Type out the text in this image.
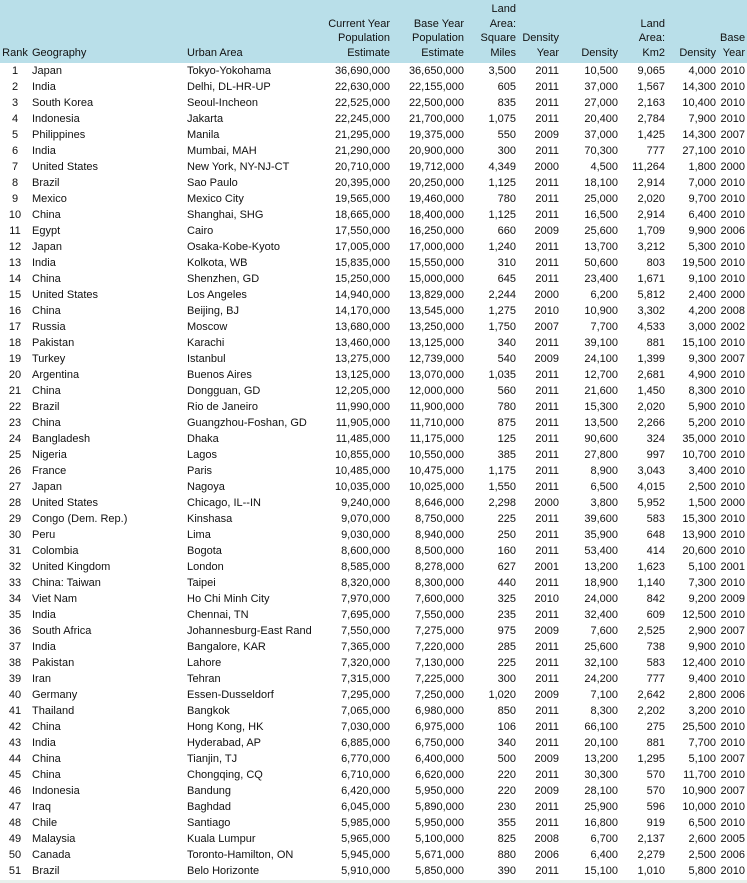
Rank	Geography	Urban Area	Current Year Population Estimate	Base Year Population Estimate	Land Area: Square Miles	Density Year	Density	Land Area: Km2	Density	Base Year
1	Japan	Tokyo-Yokohama	36,690,000	36,650,000	3,500	2011	10,500	9,065	4,000	2010
2	India	Delhi, DL-HR-UP	22,630,000	22,155,000	605	2011	37,000	1,567	14,300	2010
3	South Korea	Seoul-Incheon	22,525,000	22,500,000	835	2011	27,000	2,163	10,400	2010
4	Indonesia	Jakarta	22,245,000	21,700,000	1,075	2011	20,400	2,784	7,900	2010
5	Philippines	Manila	21,295,000	19,375,000	550	2009	37,000	1,425	14,300	2007
6	India	Mumbai, MAH	21,290,000	20,900,000	300	2011	70,300	777	27,100	2010
7	United States	New York, NY-NJ-CT	20,710,000	19,712,000	4,349	2000	4,500	11,264	1,800	2000
8	Brazil	Sao Paulo	20,395,000	20,250,000	1,125	2011	18,100	2,914	7,000	2010
9	Mexico	Mexico City	19,565,000	19,460,000	780	2011	25,000	2,020	9,700	2010
10	China	Shanghai, SHG	18,665,000	18,400,000	1,125	2011	16,500	2,914	6,400	2010
11	Egypt	Cairo	17,550,000	16,250,000	660	2009	25,600	1,709	9,900	2006
12	Japan	Osaka-Kobe-Kyoto	17,005,000	17,000,000	1,240	2011	13,700	3,212	5,300	2010
13	India	Kolkota, WB	15,835,000	15,550,000	310	2011	50,600	803	19,500	2010
14	China	Shenzhen, GD	15,250,000	15,000,000	645	2011	23,400	1,671	9,100	2010
15	United States	Los Angeles	14,940,000	13,829,000	2,244	2000	6,200	5,812	2,400	2000
16	China	Beijing, BJ	14,170,000	13,545,000	1,275	2010	10,900	3,302	4,200	2008
17	Russia	Moscow	13,680,000	13,250,000	1,750	2007	7,700	4,533	3,000	2002
18	Pakistan	Karachi	13,460,000	13,125,000	340	2011	39,100	881	15,100	2010
19	Turkey	Istanbul	13,275,000	12,739,000	540	2009	24,100	1,399	9,300	2007
20	Argentina	Buenos Aires	13,125,000	13,070,000	1,035	2011	12,700	2,681	4,900	2010
21	China	Dongguan, GD	12,205,000	12,000,000	560	2011	21,600	1,450	8,300	2010
22	Brazil	Rio de Janeiro	11,990,000	11,900,000	780	2011	15,300	2,020	5,900	2010
23	China	Guangzhou-Foshan, GD	11,905,000	11,710,000	875	2011	13,500	2,266	5,200	2010
24	Bangladesh	Dhaka	11,485,000	11,175,000	125	2011	90,600	324	35,000	2010
25	Nigeria	Lagos	10,855,000	10,550,000	385	2011	27,800	997	10,700	2010
26	France	Paris	10,485,000	10,475,000	1,175	2011	8,900	3,043	3,400	2010
27	Japan	Nagoya	10,035,000	10,025,000	1,550	2011	6,500	4,015	2,500	2010
28	United States	Chicago, IL--IN	9,240,000	8,646,000	2,298	2000	3,800	5,952	1,500	2000
29	Congo (Dem. Rep.)	Kinshasa	9,070,000	8,750,000	225	2011	39,600	583	15,300	2010
30	Peru	Lima	9,030,000	8,940,000	250	2011	35,900	648	13,900	2010
31	Colombia	Bogota	8,600,000	8,500,000	160	2011	53,400	414	20,600	2010
32	United Kingdom	London	8,585,000	8,278,000	627	2001	13,200	1,623	5,100	2001
33	China: Taiwan	Taipei	8,320,000	8,300,000	440	2011	18,900	1,140	7,300	2010
34	Viet Nam	Ho Chi Minh City	7,970,000	7,600,000	325	2010	24,000	842	9,200	2009
35	India	Chennai, TN	7,695,000	7,550,000	235	2011	32,400	609	12,500	2010
36	South Africa	Johannesburg-East Rand	7,550,000	7,275,000	975	2009	7,600	2,525	2,900	2007
37	India	Bangalore, KAR	7,365,000	7,220,000	285	2011	25,600	738	9,900	2010
38	Pakistan	Lahore	7,320,000	7,130,000	225	2011	32,100	583	12,400	2010
39	Iran	Tehran	7,315,000	7,225,000	300	2011	24,200	777	9,400	2010
40	Germany	Essen-Dusseldorf	7,295,000	7,250,000	1,020	2009	7,100	2,642	2,800	2006
41	Thailand	Bangkok	7,065,000	6,980,000	850	2011	8,300	2,202	3,200	2010
42	China	Hong Kong, HK	7,030,000	6,975,000	106	2011	66,100	275	25,500	2010
43	India	Hyderabad, AP	6,885,000	6,750,000	340	2011	20,100	881	7,700	2010
44	China	Tianjin, TJ	6,770,000	6,400,000	500	2009	13,200	1,295	5,100	2007
45	China	Chongqing, CQ	6,710,000	6,620,000	220	2011	30,300	570	11,700	2010
46	Indonesia	Bandung	6,420,000	5,950,000	220	2009	28,100	570	10,900	2007
47	Iraq	Baghdad	6,045,000	5,890,000	230	2011	25,900	596	10,000	2010
48	Chile	Santiago	5,985,000	5,950,000	355	2011	16,800	919	6,500	2010
49	Malaysia	Kuala Lumpur	5,965,000	5,100,000	825	2008	6,700	2,137	2,600	2005
50	Canada	Toronto-Hamilton, ON	5,945,000	5,671,000	880	2006	6,400	2,279	2,500	2006
51	Brazil	Belo Horizonte	5,910,000	5,850,000	390	2011	15,100	1,010	5,800	2010
